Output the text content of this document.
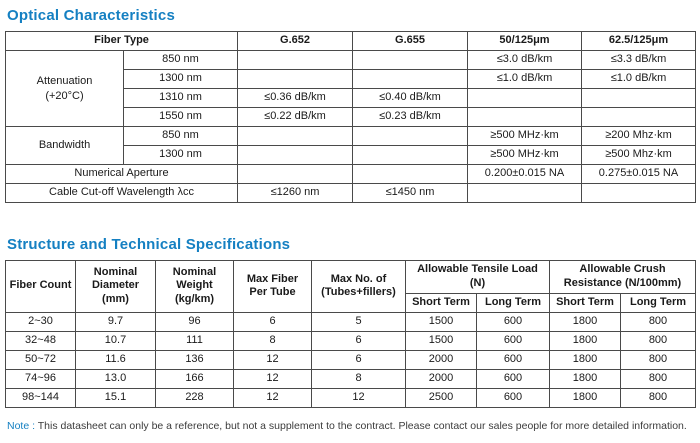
Optical Characteristics
Fiber Type		G.652	G.655	50/125μm	62.5/125μm

Attenuation
(+20°C)	850 nm			≤3.0 dB/km	≤3.3 dB/km
	1300 nm			≤1.0 dB/km	≤1.0 dB/km
	1310 nm	≤0.36 dB/km	≤0.40 dB/km		
	1550 nm	≤0.22 dB/km	≤0.23 dB/km		
Bandwidth	850 nm			≥500 MHz·km	≥200 Mhz·km
	1300 nm			≥500 MHz·km	≥500 Mhz·km
Numerical Aperture				0.200±0.015 NA	0.275±0.015 NA
Cable Cut-off Wavelength λcc		≤1260 nm	≤1450 nm		
Structure and Technical Specifications
Fiber Count	Nominal Diameter (mm)	Nominal Weight (kg/km)	Max Fiber Per Tube	Max No. of (Tubes+fillers)	Allowable Tensile Load (N)		Allowable Crush Resistance (N/100mm)	
					Short Term	Long Term	Short Term	Long Term
2~30	9.7	96	6	5	1500	600	1800	800
32~48	10.7	111	8	6	1500	600	1800	800
50~72	11.6	136	12	6	2000	600	1800	800
74~96	13.0	166	12	8	2000	600	1800	800
98~144	15.1	228	12	12	2500	600	1800	800
Note : This datasheet can only be a reference, but not a supplement to the contract. Please contact our sales people for more detailed information.
